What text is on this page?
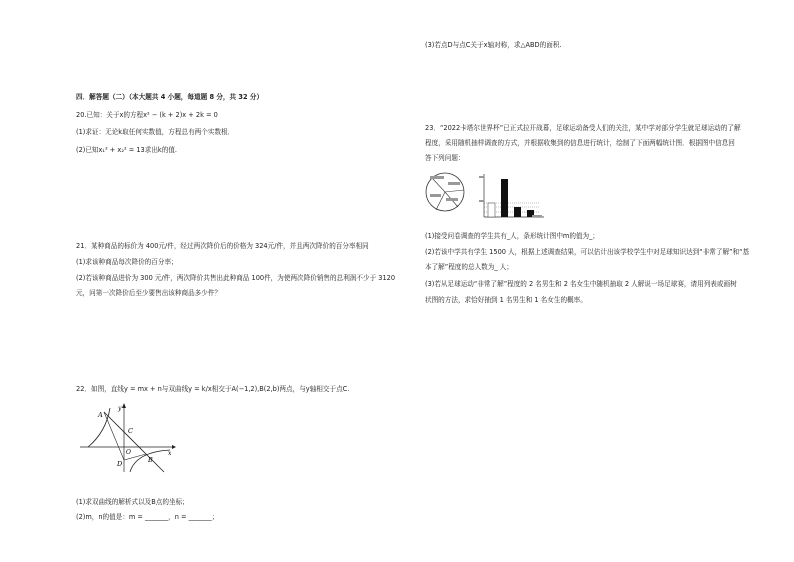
(3)若点D与点C关于x轴对称，求△ABD的面积.
23．“2022卡塔尔世界杯”已正式拉开战幕，足球运动备受人们的关注，某中学对部分学生就足球运动的了解
程度，采用随机抽样调查的方式，并根据收集到的信息进行统计，绘制了下面两幅统计图．根据图中信息回
答下列问题：
(1)接受问卷调查的学生共有_人，条形统计图中m的值为_；
(2)若该中学共有学生 1500 人，根据上述调查结果，可以估计出该学校学生中对足球知识达到“非常了解”和“基
本了解”程度的总人数为_ 人；
(3)若从足球运动“非常了解”程度的 2 名男生和 2 名女生中随机抽取 2 人解说一场足球赛，请用列表或画树
状图的方法，求恰好抽到 1 名男生和 1 名女生的概率。
四．解答题（二）（本大题共 4 小题，每道题 8 分，共 32 分）
20.已知：关于x的方程x² − (k + 2)x + 2k = 0
(1)求证：无论k取任何实数值，方程总有两个实数根．
(2)已知x₁² + x₂² = 13求出k的值.
21．某种商品的标价为 400元/件，经过两次降价后的价格为 324元/件，并且两次降价的百分率相同
(1)求该种商品每次降价的百分率；
(2)若该种商品进价为 300 元/件，两次降价共售出此种商品 100件，为使两次降价销售的总利润不少于 3120
元，问第一次降价后至少要售出该种商品多少件？
22．如图，直线y = mx + n与双曲线y = k/x相交于A(−1,2),B(2,b)两点，与y轴相交于点C.
y
x
A
C
O
B
D
(1)求双曲线的解析式以及B点的坐标；
(2)m，n的值是：m = _______，n = _______；
